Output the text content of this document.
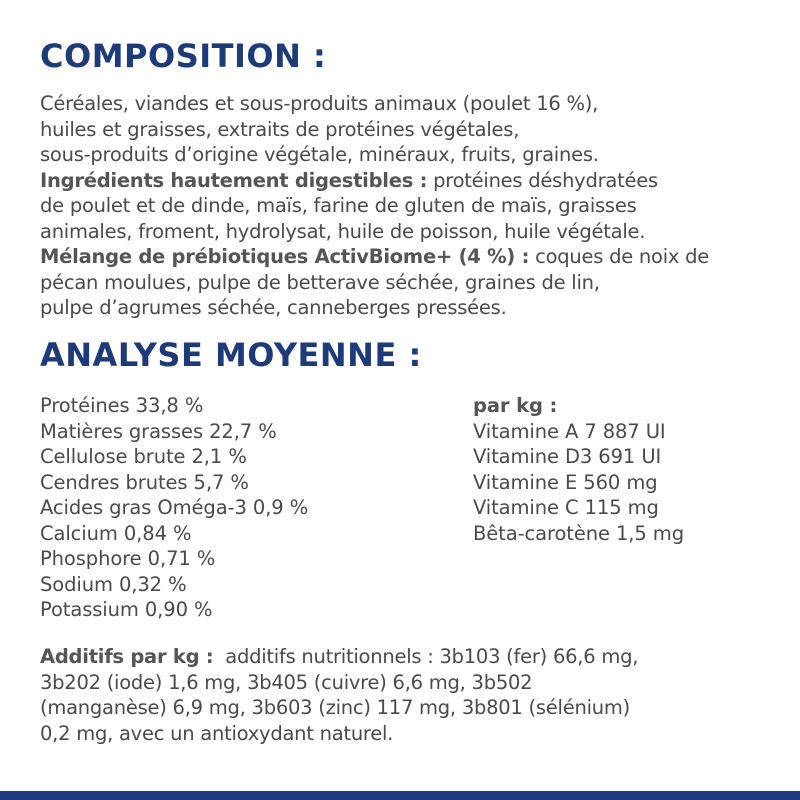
COMPOSITION :

Céréales, viandes et sous-produits animaux (poulet 16 %),
huiles et graisses, extraits de protéines végétales,
sous-produits d’origine végétale, minéraux, fruits, graines.
Ingrédients hautement digestibles : protéines déshydratées
de poulet et de dinde, maïs, farine de gluten de maïs, graisses
animales, froment, hydrolysat, huile de poisson, huile végétale.
Mélange de prébiotiques ActivBiome+ (4 %) : coques de noix de
pécan moulues, pulpe de betterave séchée, graines de lin,
pulpe d’agrumes séchée, canneberges pressées.

ANALYSE MOYENNE :
Protéines 33,8 %
Matières grasses 22,7 %
Cellulose brute 2,1 %
Cendres brutes 5,7 %
Acides gras Oméga-3 0,9 %
Calcium 0,84 %
Phosphore 0,71 %
Sodium 0,32 %
Potassium 0,90 %
par kg :
Vitamine A 7 887 UI
Vitamine D3 691 UI
Vitamine E 560 mg
Vitamine C 115 mg
Bêta-carotène 1,5 mg

Additifs par kg :  additifs nutritionnels : 3b103 (fer) 66,6 mg,
3b202 (iode) 1,6 mg, 3b405 (cuivre) 6,6 mg, 3b502
(manganèse) 6,9 mg, 3b603 (zinc) 117 mg, 3b801 (sélénium)
0,2 mg, avec un antioxydant naturel.
